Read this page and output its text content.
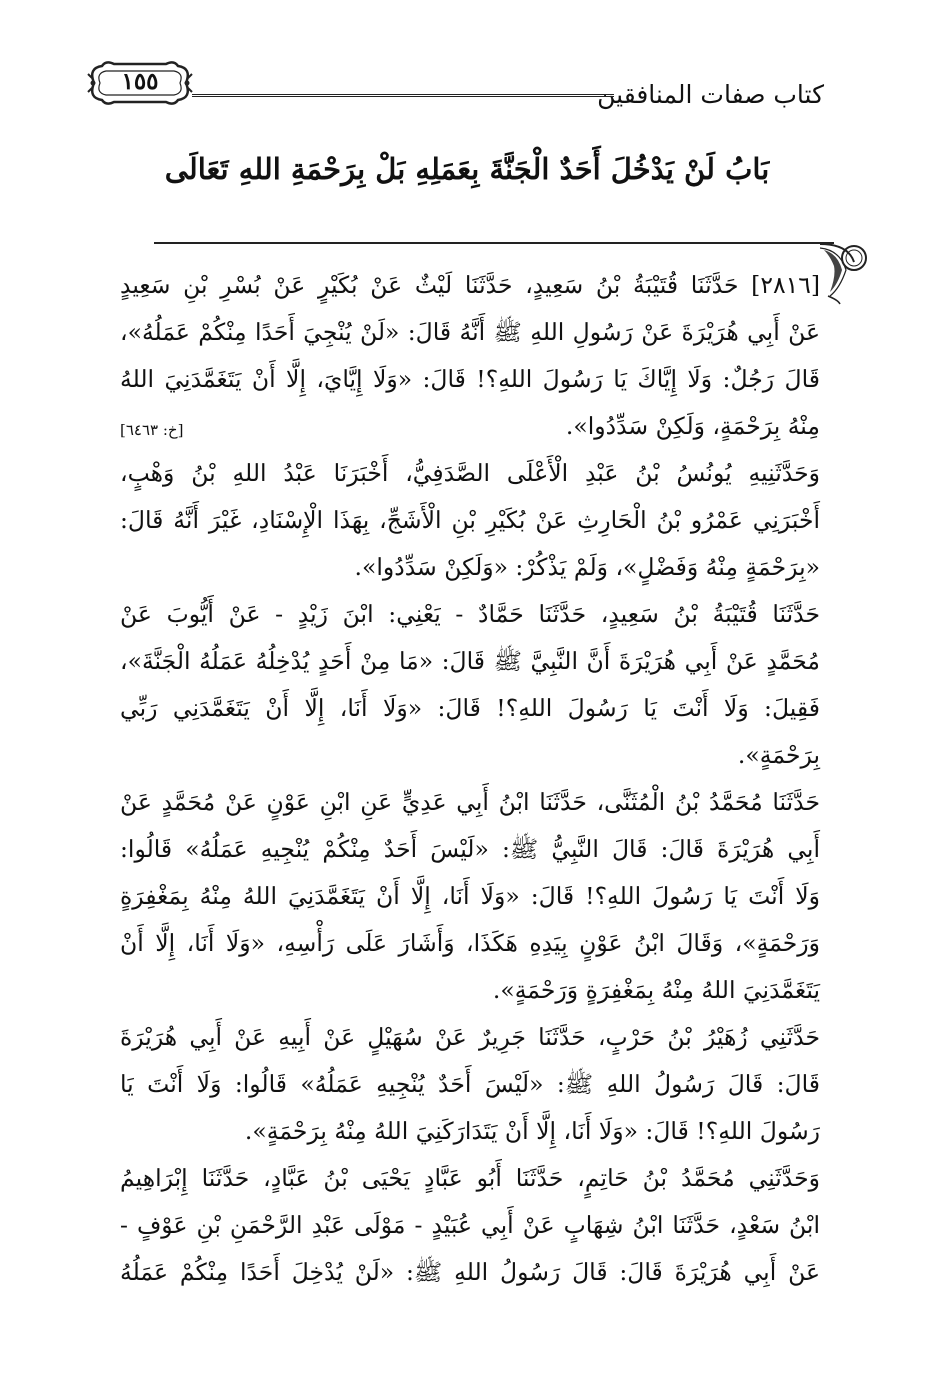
كتاب صفات المنافقين
١٥٥
بَابُ لَنْ يَدْخُلَ أَحَدٌ الْجَنَّةَ بِعَمَلِهِ بَلْ بِرَحْمَةِ اللهِ تَعَالَى
[٢٨١٦] حَدَّثَنَا قُتَيْبَةُ بْنُ سَعِيدٍ، حَدَّثَنَا لَيْثٌ عَنْ بُكَيْرٍ عَنْ بُسْرِ بْنِ سَعِيدٍ
عَنْ أَبِي هُرَيْرَةَ عَنْ رَسُولِ اللهِ ﷺ أَنَّهُ قَالَ: «لَنْ يُنْجِيَ أَحَدًا مِنْكُمْ عَمَلُهُ»،
قَالَ رَجُلٌ: وَلَا إِيَّاكَ يَا رَسُولَ اللهِ؟! قَالَ: «وَلَا إِيَّايَ، إِلَّا أَنْ يَتَغَمَّدَنِيَ اللهُ
مِنْهُ بِرَحْمَةٍ، وَلَكِنْ سَدِّدُوا».
[خ: ٦٤٦٣]
وَحَدَّثَنِيهِ يُونُسُ بْنُ عَبْدِ الْأَعْلَى الصَّدَفِيُّ، أَخْبَرَنَا عَبْدُ اللهِ بْنُ وَهْبٍ،
أَخْبَرَنِي عَمْرُو بْنُ الْحَارِثِ عَنْ بُكَيْرِ بْنِ الْأَشَجِّ، بِهَذَا الْإِسْنَادِ، غَيْرَ أَنَّهُ قَالَ:
«بِرَحْمَةٍ مِنْهُ وَفَضْلٍ»، وَلَمْ يَذْكُرْ: «وَلَكِنْ سَدِّدُوا».
حَدَّثَنَا قُتَيْبَةُ بْنُ سَعِيدٍ، حَدَّثَنَا حَمَّادٌ - يَعْنِي: ابْنَ زَيْدٍ - عَنْ أَيُّوبَ عَنْ
مُحَمَّدٍ عَنْ أَبِي هُرَيْرَةَ أَنَّ النَّبِيَّ ﷺ قَالَ: «مَا مِنْ أَحَدٍ يُدْخِلُهُ عَمَلُهُ الْجَنَّةَ»،
فَقِيلَ: وَلَا أَنْتَ يَا رَسُولَ اللهِ؟! قَالَ: «وَلَا أَنَا، إِلَّا أَنْ يَتَغَمَّدَنِي رَبِّي
بِرَحْمَةٍ».
حَدَّثَنَا مُحَمَّدُ بْنُ الْمُثَنَّى، حَدَّثَنَا ابْنُ أَبِي عَدِيٍّ عَنِ ابْنِ عَوْنٍ عَنْ مُحَمَّدٍ عَنْ
أَبِي هُرَيْرَةَ قَالَ: قَالَ النَّبِيُّ ﷺ: «لَيْسَ أَحَدٌ مِنْكُمْ يُنْجِيهِ عَمَلُهُ» قَالُوا:
وَلَا أَنْتَ يَا رَسُولَ اللهِ؟! قَالَ: «وَلَا أَنَا، إِلَّا أَنْ يَتَغَمَّدَنِيَ اللهُ مِنْهُ بِمَغْفِرَةٍ
وَرَحْمَةٍ»، وَقَالَ ابْنُ عَوْنٍ بِيَدِهِ هَكَذَا، وَأَشَارَ عَلَى رَأْسِهِ، «وَلَا أَنَا، إِلَّا أَنْ
يَتَغَمَّدَنِيَ اللهُ مِنْهُ بِمَغْفِرَةٍ وَرَحْمَةٍ».
حَدَّثَنِي زُهَيْرُ بْنُ حَرْبٍ، حَدَّثَنَا جَرِيرٌ عَنْ سُهَيْلٍ عَنْ أَبِيهِ عَنْ أَبِي هُرَيْرَةَ
قَالَ: قَالَ رَسُولُ اللهِ ﷺ: «لَيْسَ أَحَدٌ يُنْجِيهِ عَمَلُهُ» قَالُوا: وَلَا أَنْتَ يَا
رَسُولَ اللهِ؟! قَالَ: «وَلَا أَنَا، إِلَّا أَنْ يَتَدَارَكَنِيَ اللهُ مِنْهُ بِرَحْمَةٍ».
وَحَدَّثَنِي مُحَمَّدُ بْنُ حَاتِمٍ، حَدَّثَنَا أَبُو عَبَّادٍ يَحْيَى بْنُ عَبَّادٍ، حَدَّثَنَا إِبْرَاهِيمُ
ابْنُ سَعْدٍ، حَدَّثَنَا ابْنُ شِهَابٍ عَنْ أَبِي عُبَيْدٍ - مَوْلَى عَبْدِ الرَّحْمَنِ بْنِ عَوْفٍ -
عَنْ أَبِي هُرَيْرَةَ قَالَ: قَالَ رَسُولُ اللهِ ﷺ: «لَنْ يُدْخِلَ أَحَدًا مِنْكُمْ عَمَلُهُ
